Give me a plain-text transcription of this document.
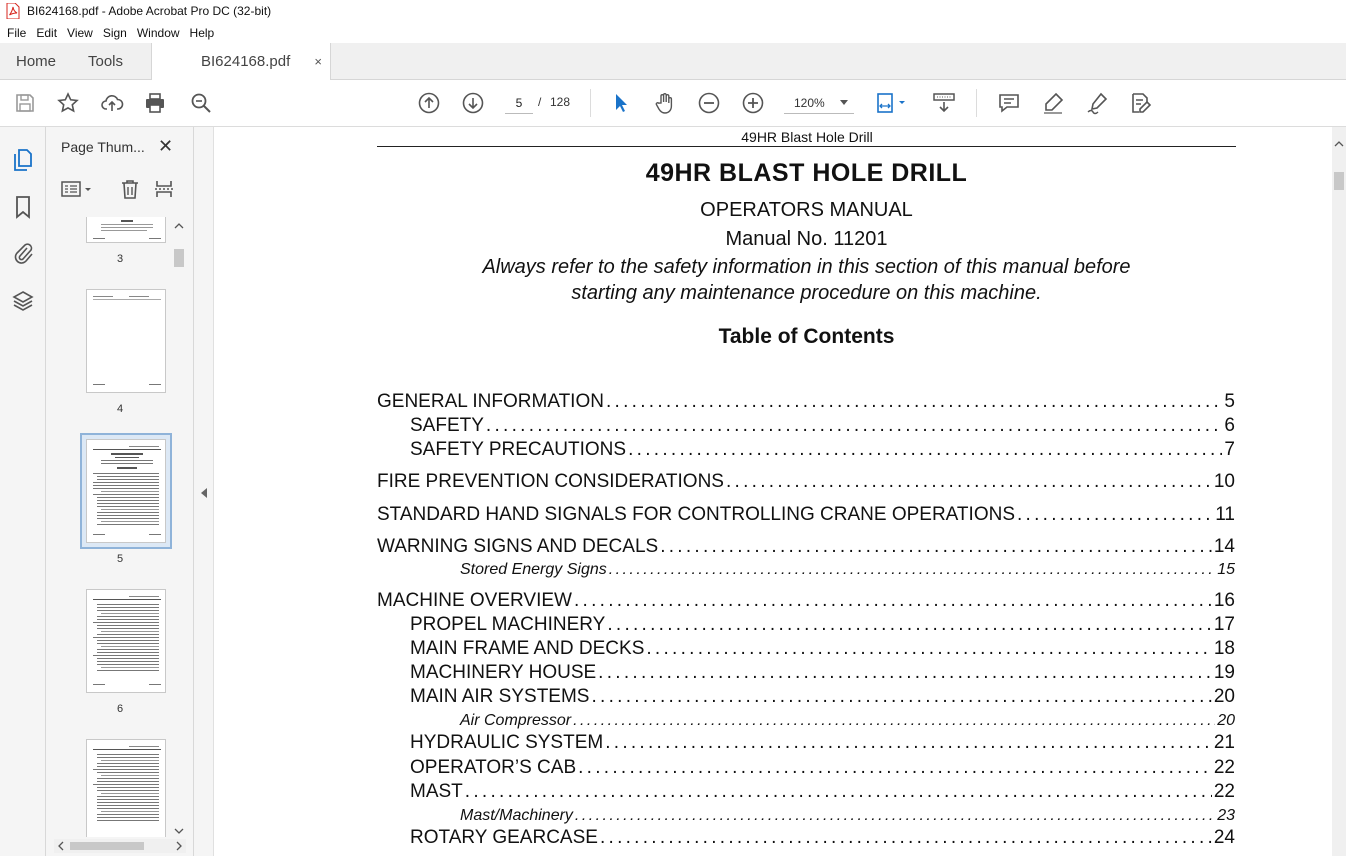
BI624168.pdf - Adobe Acrobat Pro DC (32-bit)
File Edit View Sign Window Help
Home Tools	BI624168.pdf ×
5
/ 128	120%
Page Thum... ✕
3
4
5
6
49HR Blast Hole Drill
49HR BLAST HOLE DRILL
OPERATORS MANUAL
Manual No. 11201
Always refer to the safety information in this section of this manual before
starting any maintenance procedure on this machine.
Table of Contents
GENERAL INFORMATION . . .	5
SAFETY . . .	6
SAFETY PRECAUTIONS . . .	7
FIRE PREVENTION CONSIDERATIONS . . .	10
STANDARD HAND SIGNALS FOR CONTROLLING CRANE OPERATIONS . . .	11
WARNING SIGNS AND DECALS . . .	14
Stored Energy Signs . . .	15
MACHINE OVERVIEW . . .	16
PROPEL MACHINERY . . .	17
MAIN FRAME AND DECKS . . .	18
MACHINERY HOUSE . . .	19
MAIN AIR SYSTEMS . . .	20
Air Compressor . . .	20
HYDRAULIC SYSTEM . . .	21
OPERATOR’S CAB . . .	22
MAST . . .	22
Mast/Machinery . . .	23
ROTARY GEARCASE . . .	24
